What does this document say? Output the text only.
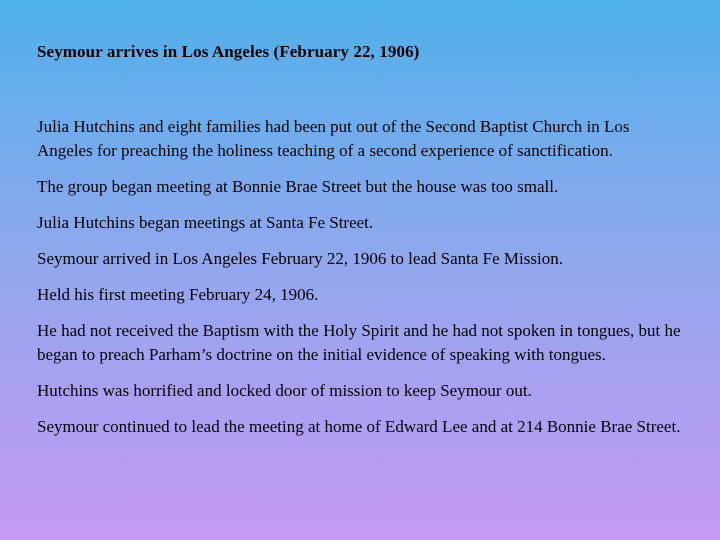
Seymour arrives in Los Angeles (February 22, 1906)

Julia Hutchins and eight families had been put out of the Second Baptist Church in Los Angeles for preaching the holiness teaching of a second experience of sanctification.

The group began meeting at Bonnie Brae Street but the house was too small.

Julia Hutchins began meetings at Santa Fe Street.

Seymour arrived in Los Angeles February 22, 1906 to lead Santa Fe Mission.

Held his first meeting February 24, 1906.

He had not received the Baptism with the Holy Spirit and he had not spoken in tongues, but he began to preach Parham’s doctrine on the initial evidence of speaking with tongues.

Hutchins was horrified and locked door of mission to keep Seymour out.

Seymour continued to lead the meeting at home of Edward Lee and at 214 Bonnie Brae Street.
